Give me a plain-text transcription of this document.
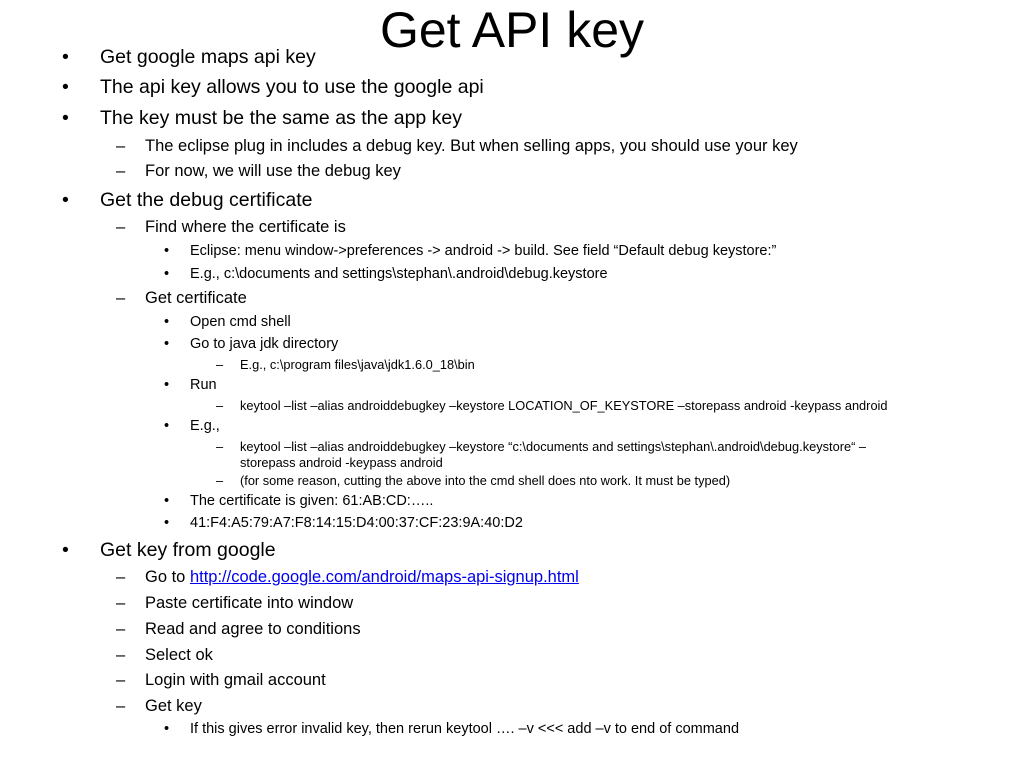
Get API key
• Get google maps api key
• The api key allows you to use the google api
• The key must be the same as the app key
– The eclipse plug in includes a debug key. But when selling apps, you should use your key
– For now, we will use the debug key
• Get the debug certificate
– Find where the certificate is
• Eclipse: menu window->preferences -> android -> build. See field “Default debug keystore:”
• E.g., c:\documents and settings\stephan\.android\debug.keystore
– Get certificate
• Open cmd shell
• Go to java jdk directory
– E.g., c:\program files\java\jdk1.6.0_18\bin
• Run
– keytool –list –alias androiddebugkey –keystore LOCATION_OF_KEYSTORE –storepass android -keypass android
• E.g.,
– keytool –list –alias androiddebugkey –keystore “c:\documents and settings\stephan\.android\debug.keystore“ –
storepass android -keypass android
– (for some reason, cutting the above into the cmd shell does nto work. It must be typed)
• The certificate is given: 61:AB:CD:…..
• 41:F4:A5:79:A7:F8:14:15:D4:00:37:CF:23:9A:40:D2
• Get key from google
– Go to http://code.google.com/android/maps-api-signup.html
– Paste certificate into window
– Read and agree to conditions
– Select ok
– Login with gmail account
– Get key
• If this gives error invalid key, then rerun keytool …. –v <<< add –v to end of command
